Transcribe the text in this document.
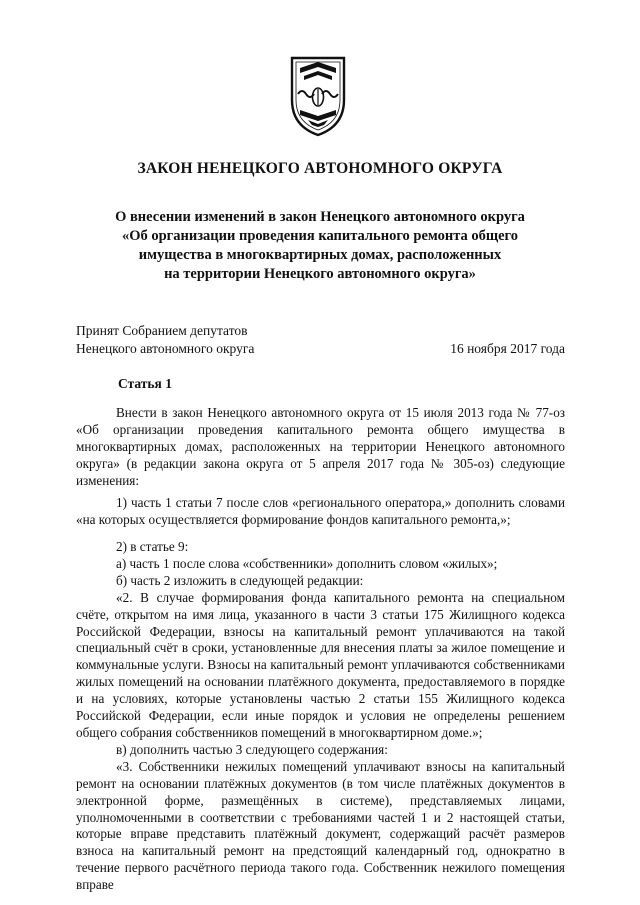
ЗАКОН НЕНЕЦКОГО АВТОНОМНОГО ОКРУГА
О внесении изменений в закон Ненецкого автономного округа
«Об организации проведения капитального ремонта общего
имущества в многоквартирных домах, расположенных
на территории Ненецкого автономного округа»
Принят Собранием депутатов
Ненецкого автономного округа	16 ноября 2017 года
Статья 1

Внести в закон Ненецкого автономного округа от 15 июля 2013 года № 77-оз «Об организации проведения капитального ремонта общего имущества в многоквартирных домах, расположенных на территории Ненецкого автономного округа» (в редакции закона округа от 5 апреля 2017 года № 305-оз) следующие изменения:

1) часть 1 статьи 7 после слов «регионального оператора,» дополнить словами «на которых осуществляется формирование фондов капитального ремонта,»;

2) в статье 9:

а) часть 1 после слова «собственники» дополнить словом «жилых»;

б) часть 2 изложить в следующей редакции:

«2. В случае формирования фонда капитального ремонта на специальном счёте, открытом на имя лица, указанного в части 3 статьи 175 Жилищного кодекса Российской Федерации, взносы на капитальный ремонт уплачиваются на такой специальный счёт в сроки, установленные для внесения платы за жилое помещение и коммунальные услуги. Взносы на капитальный ремонт уплачиваются собственниками жилых помещений на основании платёжного документа, предоставляемого в порядке и на условиях, которые установлены частью 2 статьи 155 Жилищного кодекса Российской Федерации, если иные порядок и условия не определены решением общего собрания собственников помещений в многоквартирном доме.»;

в) дополнить частью 3 следующего содержания:

«3. Собственники нежилых помещений уплачивают взносы на капитальный ремонт на основании платёжных документов (в том числе платёжных документов в электронной форме, размещённых в системе), представляемых лицами, уполномоченными в соответствии с требованиями частей 1 и 2 настоящей статьи, которые вправе представить платёжный документ, содержащий расчёт размеров взноса на капитальный ремонт на предстоящий календарный год, однократно в течение первого расчётного периода такого года. Собственник нежилого помещения вправе
